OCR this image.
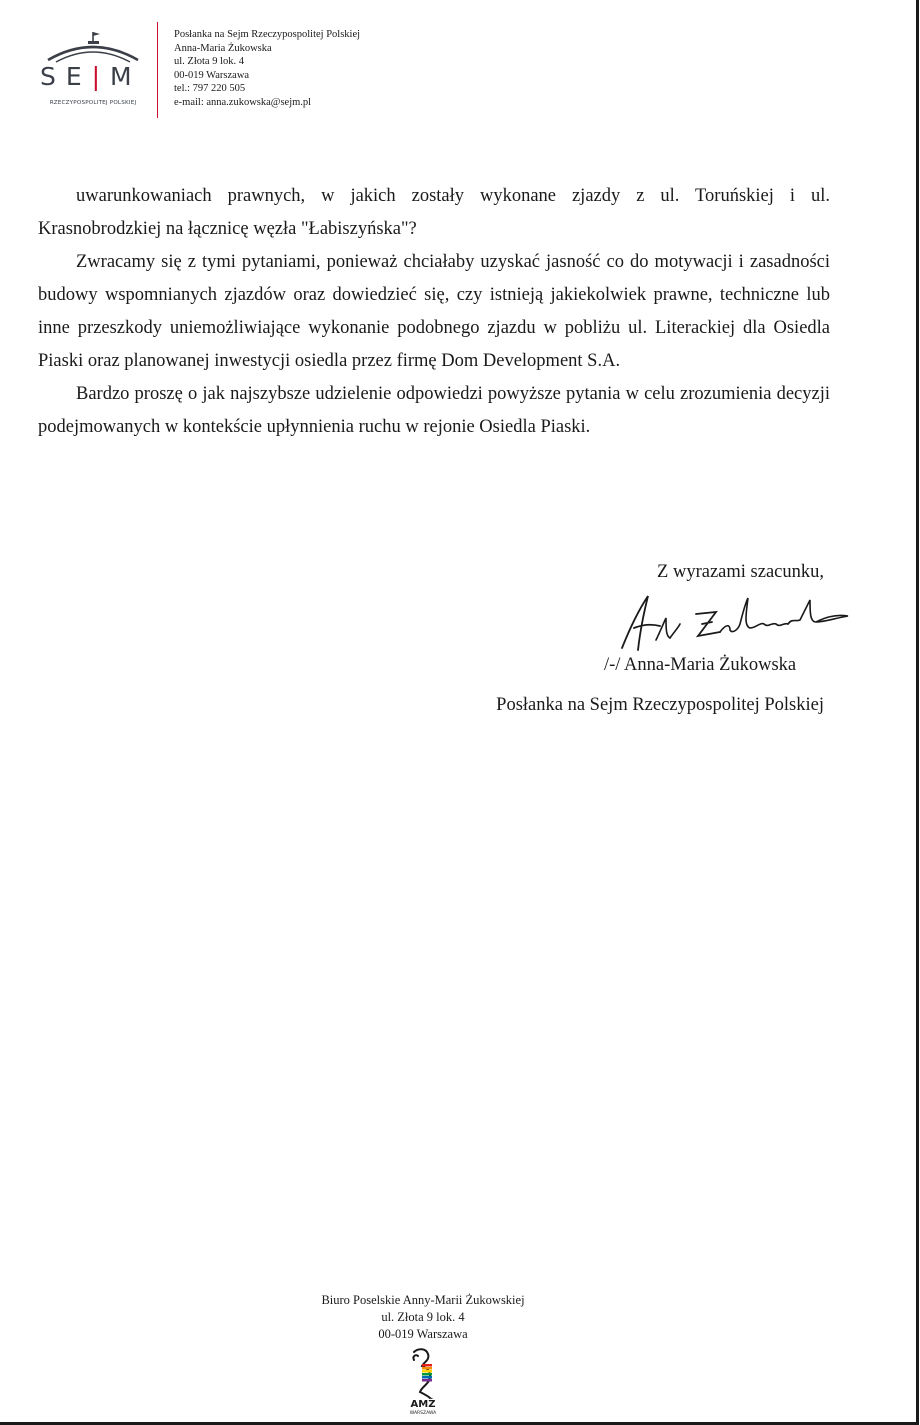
S E | M
RZECZYPOSPOLITEJ POLSKIEJ
Posłanka na Sejm Rzeczypospolitej Polskiej
Anna-Maria Żukowska
ul. Złota 9 lok. 4
00-019 Warszawa
tel.: 797 220 505
e-mail: anna.zukowska@sejm.pl

uwarunkowaniach prawnych, w jakich zostały wykonane zjazdy z ul. Toruńskiej i ul. Krasnobrodzkiej na łącznicę węzła "Łabiszyńska"?

Zwracamy się z tymi pytaniami, ponieważ chciałaby uzyskać jasność co do motywacji i zasadności budowy wspomnianych zjazdów oraz dowiedzieć się, czy istnieją jakiekolwiek prawne, techniczne lub inne przeszkody uniemożliwiające wykonanie podobnego zjazdu w pobliżu ul. Literackiej dla Osiedla Piaski oraz planowanej inwestycji osiedla przez firmę Dom Development S.A.

Bardzo proszę o jak najszybsze udzielenie odpowiedzi powyższe pytania w celu zrozumienia decyzji podejmowanych w kontekście upłynnienia ruchu w rejonie Osiedla Piaski.

Z wyrazami szacunku,
/-/ Anna-Maria Żukowska
Posłanka na Sejm Rzeczypospolitej Polskiej
Biuro Poselskie Anny-Marii Żukowskiej
ul. Złota 9 lok. 4
00-019 Warszawa
AMŻ
WARSZAWA
